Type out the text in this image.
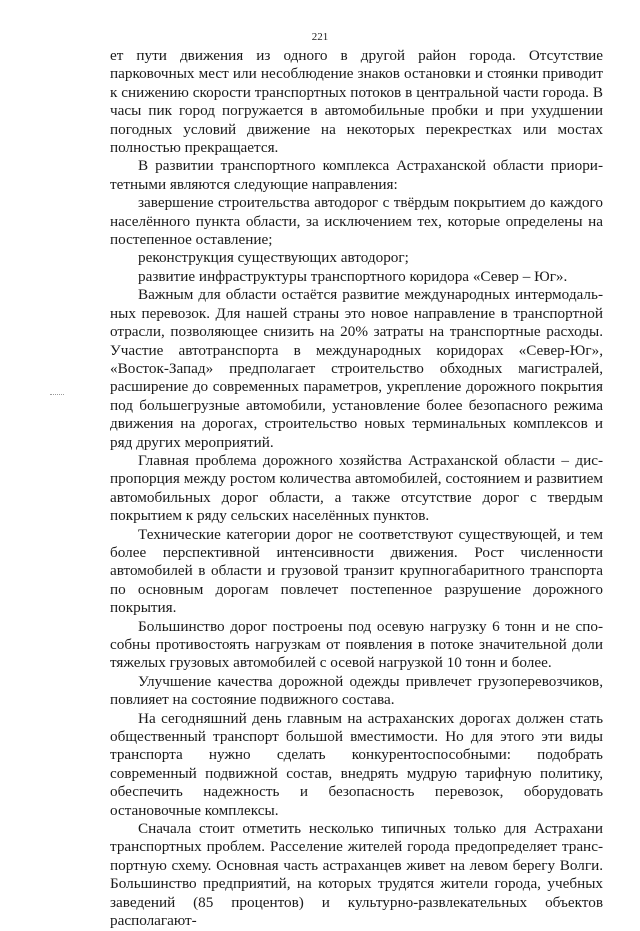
221

ет пути движения из одного в другой район города. Отсутствие парковочных мест или несоблюдение знаков остановки и стоянки приводит к снижению скорости транспортных потоков в центральной части города. В часы пик город погружается в автомобильные пробки и при ухудшении погодных условий движение на некоторых перекрестках или мостах полностью прекращается.

В развитии транспортного комплекса Астраханской области приоритетными являются следующие направления:

завершение строительства автодорог с твёрдым покрытием до каждого населённого пункта области, за исключением тех, которые определены на постепенное оставление;

реконструкция существующих автодорог;

развитие инфраструктуры транспортного коридора «Север – Юг».

Важным для области остаётся развитие международных интермодальных перевозок. Для нашей страны это новое направление в транспортной отрасли, позволяющее снизить на 20% затраты на транспортные расходы. Участие автотранспорта в международных коридорах «Север-Юг», «Восток-Запад» предполагает строительство обходных магистралей, расширение до современных параметров, укрепление дорожного покрытия под большегрузные автомобили, установление более безопасного режима движения на дорогах, строительство новых терминальных комплексов и ряд других мероприятий.

Главная проблема дорожного хозяйства Астраханской области – диспропорция между ростом количества автомобилей, состоянием и развитием автомобильных дорог области, а также отсутствие дорог с твердым покрытием к ряду сельских населённых пунктов.

Технические категории дорог не соответствуют существующей, и тем более перспективной интенсивности движения. Рост численности автомобилей в области и грузовой транзит крупногабаритного транспорта по основным дорогам повлечет постепенное разрушение дорожного покрытия.

Большинство дорог построены под осевую нагрузку 6 тонн и не способны противостоять нагрузкам от появления в потоке значительной доли тяжелых грузовых автомобилей с осевой нагрузкой 10 тонн и более.

Улучшение качества дорожной одежды привлечет грузоперевозчиков, повлияет на состояние подвижного состава.

На сегодняшний день главным на астраханских дорогах должен стать общественный транспорт большой вместимости. Но для этого эти виды транспорта нужно сделать конкурентоспособными: подобрать современный подвижной состав, внедрять мудрую тарифную политику, обеспечить надежность и безопасность перевозок, оборудовать остановочные комплексы.

Сначала стоит отметить несколько типичных только для Астрахани транспортных проблем. Расселение жителей города предопределяет транспортную схему. Основная часть астраханцев живет на левом берегу Волги. Большинство предприятий, на которых трудятся жители города, учебных заведений (85 процентов) и культурно-развлекательных объектов располагают-
